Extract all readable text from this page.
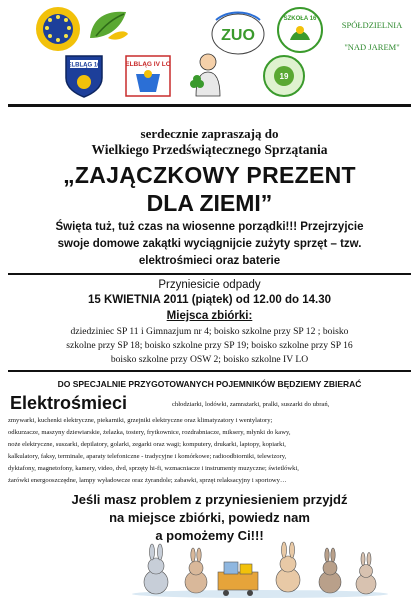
ELBLĄG 16	ELBLĄG IV LO
ZUO
SZKOŁA 16
19
SPÓŁDZIELNIA
"NAD JAREM"
serdecznie zapraszają do
Wielkiego Przedświątecznego Sprzątania
„ZAJĄCZKOWY PREZENT
DLA ZIEMI”
Święta tuż, tuż czas na wiosenne porządki!!! Przejrzyjcie
swoje domowe zakątki wyciągnijcie zużyty sprzęt – tzw.
elektrośmieci oraz baterie
Przyniesicie odpady
15 KWIETNIA 2011 (piątek) od 12.00 do 14.30
Miejsca zbiórki:
dziedziniec SP 11 i Gimnazjum nr 4; boisko szkolne przy SP 12 ; boisko
szkolne przy SP 18; boisko szkolne przy SP 19; boisko szkolne przy SP 16
boisko szkolne przy OSW 2; boisko szkolne IV LO
DO SPECJALNIE PRZYGOTOWANYCH POJEMNIKÓW BĘDZIEMY ZBIERAĆ
Elektrośmieci	chłodziarki, lodówki, zamrażarki, pralki, suszarki do ubrań,
zmywarki, kuchenki elektryczne, piekarniki, grzejniki elektryczne oraz klimatyzatory i wentylatory;
odkurzacze, maszyny dziewiarskie, żelazka, tostery, frytkownice, rozdrabniacze, miksery, młynki do kawy,
noże elektryczne, suszarki, depilatory, golarki, zegarki oraz wagi; komputery, drukarki, laptopy, kopiarki,
kalkulatory, faksy, terminale, aparaty telefoniczne - tradycyjne i komórkowe; radioodbiorniki, telewizory,
dyktafony, magnetofony, kamery, video, dvd, sprzęty hi-fi, wzmacniacze i instrumenty muzyczne; świetlówki,
żarówki energooszczędne, lampy wyładowcze oraz żyrandole; zabawki, sprzęt relaksacyjny i sportowy…
Jeśli masz problem z przyniesieniem przyjdź
na miejsce zbiórki, powiedz nam
a pomożemy Ci!!!
